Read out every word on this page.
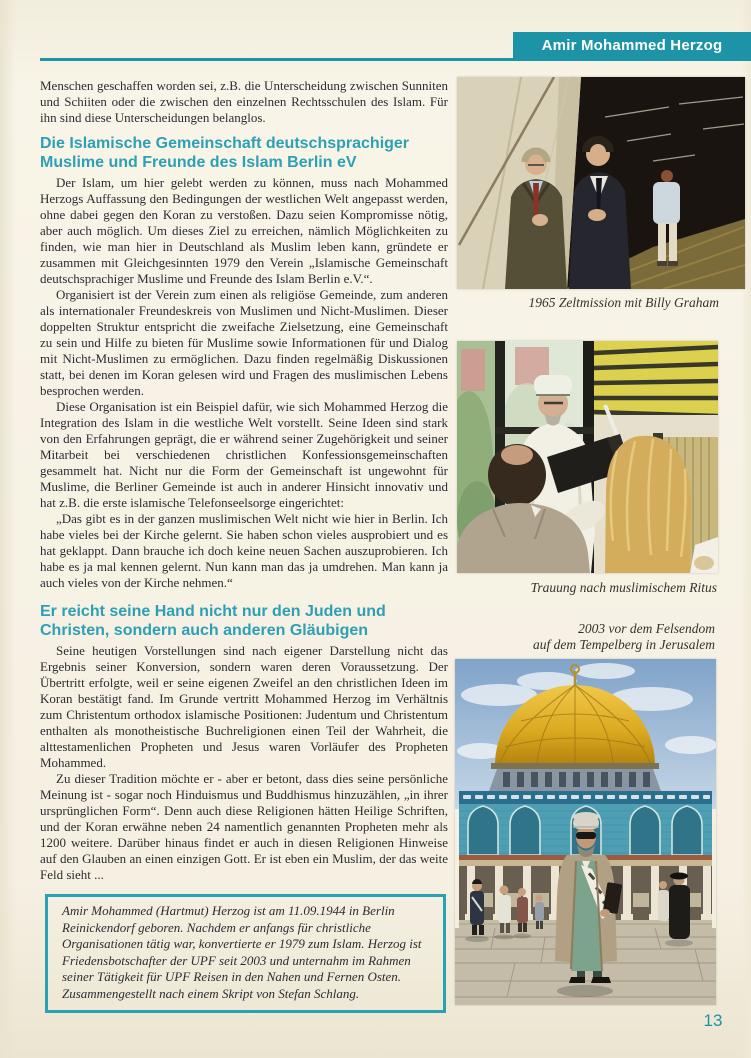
Amir Mohammed Herzog

Menschen geschaffen worden sei, z.B. die Unterscheidung zwischen Sunniten und Schiiten oder die zwischen den einzelnen Rechtsschulen des Islam. Für ihn sind diese Unterscheidungen belanglos.

Die Islamische Gemeinschaft deutschsprachiger Muslime und Freunde des Islam Berlin eV

Der Islam, um hier gelebt werden zu können, muss nach Mohammed Herzogs Auffassung den Bedingungen der westlichen Welt angepasst werden, ohne dabei gegen den Koran zu verstoßen. Dazu seien Kompromisse nötig, aber auch möglich. Um dieses Ziel zu erreichen, nämlich Möglichkeiten zu finden, wie man hier in Deutschland als Muslim leben kann, gründete er zusammen mit Gleichgesinnten 1979 den Verein „Islamische Gemeinschaft deutschsprachiger Muslime und Freunde des Islam Berlin e.V.“.

Organisiert ist der Verein zum einen als religiöse Gemeinde, zum anderen als internationaler Freundeskreis von Muslimen und Nicht-Muslimen. Dieser doppelten Struktur entspricht die zweifache Zielsetzung, eine Gemeinschaft zu sein und Hilfe zu bieten für Muslime sowie Informationen für und Dialog mit Nicht-Muslimen zu ermöglichen. Dazu finden regelmäßig Diskussionen statt, bei denen im Koran gelesen wird und Fragen des muslimischen Lebens besprochen werden.

Diese Organisation ist ein Beispiel dafür, wie sich Mohammed Herzog die Integration des Islam in die westliche Welt vorstellt. Seine Ideen sind stark von den Erfahrungen geprägt, die er während seiner Zugehörigkeit und seiner Mitarbeit bei verschiedenen christlichen Konfessionsgemeinschaften gesammelt hat. Nicht nur die Form der Gemeinschaft ist ungewohnt für Muslime, die Berliner Gemeinde ist auch in anderer Hinsicht innovativ und hat z.B. die erste islamische Telefonseelsorge eingerichtet:

„Das gibt es in der ganzen muslimischen Welt nicht wie hier in Berlin. Ich habe vieles bei der Kirche gelernt. Sie haben schon vieles ausprobiert und es hat geklappt. Dann brauche ich doch keine neuen Sachen auszuprobieren. Ich habe es ja mal kennen gelernt. Nun kann man das ja umdrehen. Man kann ja auch vieles von der Kirche nehmen.“

Er reicht seine Hand nicht nur den Juden und Christen, sondern auch anderen Gläubigen

Seine heutigen Vorstellungen sind nach eigener Darstellung nicht das Ergebnis seiner Konversion, sondern waren deren Voraussetzung. Der Übertritt erfolgte, weil er seine eigenen Zweifel an den christlichen Ideen im Koran bestätigt fand. Im Grunde vertritt Mohammed Herzog im Verhältnis zum Christentum orthodox islamische Positionen: Judentum und Christentum enthalten als monotheistische Buchreligionen einen Teil der Wahrheit, die alttestamenlichen Propheten und Jesus waren Vorläufer des Propheten Mohammed.

Zu dieser Tradition möchte er - aber er betont, dass dies seine persönliche Meinung ist - sogar noch Hinduismus und Buddhismus hinzuzählen, „in ihrer ursprünglichen Form“. Denn auch diese Religionen hätten Heilige Schriften, und der Koran erwähne neben 24 namentlich genannten Propheten mehr als 1200 weitere. Darüber hinaus findet er auch in diesen Religionen Hinweise auf den Glauben an einen einzigen Gott. Er ist eben ein Muslim, der das weite Feld sieht ...

Amir Mohammed (Hartmut) Herzog ist am 11.09.1944 in Berlin Reinickendorf geboren. Nachdem er anfangs für christliche Organisationen tätig war, konvertierte er 1979 zum Islam. Herzog ist Friedensbotschafter der UPF seit 2003 und unternahm im Rahmen seiner Tätigkeit für UPF Reisen in den Nahen und Fernen Osten.

Zusammengestellt nach einem Skript von Stefan Schlang.

1965 Zeltmission mit Billy Graham
Trauung nach muslimischem Ritus
2003 vor dem Felsendom
auf dem Tempelberg in Jerusalem
13
